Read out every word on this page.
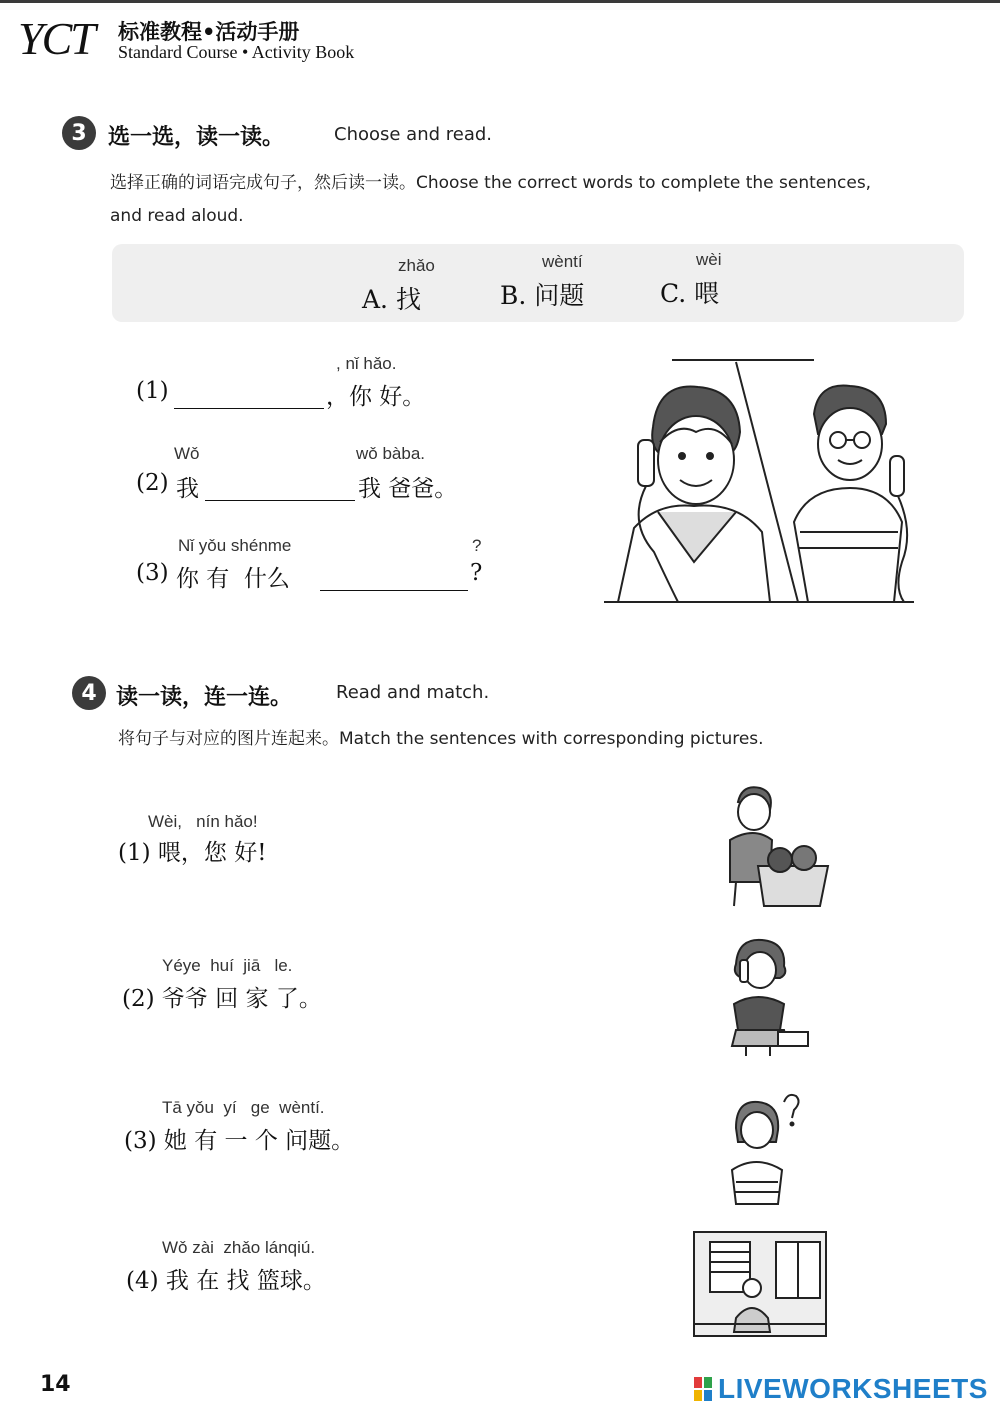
YCT 标准教程•活动手册
Standard Course • Activity Book
3 选一选，读一读。	Choose and read.
选择正确的词语完成句子，然后读一读。Choose the correct words to complete the sentences,
and read aloud.
zhǎo
A. 找
wèntí
B. 问题
wèi
C. 喂
, nǐ hǎo.
(1)	，你 好。
Wǒ	wǒ bàba.
(2) 我	我 爸爸。
Nǐ yǒu shénme	?
(3) 你 有  什么	?
4 读一读，连一连。 Read and match.
将句子与对应的图片连起来。Match the sentences with corresponding pictures.
Wèi,   nín hǎo!
(1) 喂，您 好!
Yéye  huí  jiā   le.
(2) 爷爷 回 家 了。
Tā yǒu  yí   ge  wèntí.
(3) 她 有 一 个 问题。
Wǒ zài  zhǎo lánqiú.
(4) 我 在 找 篮球。
14	LIVEWORKSHEETS
